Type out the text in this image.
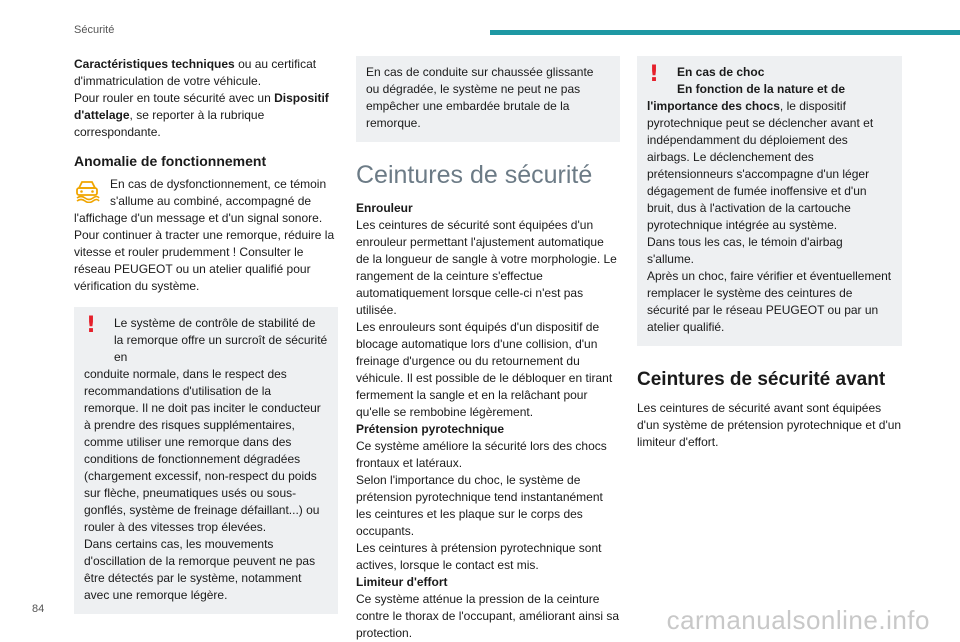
Sécurité

Caractéristiques techniques ou au certificat d'immatriculation de votre véhicule.

Pour rouler en toute sécurité avec un Dispositif d'attelage, se reporter à la rubrique correspondante.

Anomalie de fonctionnement
En cas de dysfonctionnement, ce témoin s'allume au combiné, accompagné de
l'affichage d'un message et d'un signal sonore. Pour continuer à tracter une remorque, réduire la vitesse et rouler prudemment ! Consulter le réseau PEUGEOT ou un atelier qualifié pour vérification du système.
!	Le système de contrôle de stabilité de la remorque offre un surcroît de sécurité en

conduite normale, dans le respect des recommandations d'utilisation de la remorque. Il ne doit pas inciter le conducteur à prendre des risques supplémentaires, comme utiliser une remorque dans des conditions de fonctionnement dégradées (chargement excessif, non-respect du poids sur flèche, pneumatiques usés ou sous-gonflés, système de freinage défaillant...) ou rouler à des vitesses trop élevées.

Dans certains cas, les mouvements d'oscillation de la remorque peuvent ne pas être détectés par le système, notamment avec une remorque légère.

En cas de conduite sur chaussée glissante ou dégradée, le système ne peut ne pas empêcher une embardée brutale de la remorque.

Ceintures de sécurité

Enrouleur

Les ceintures de sécurité sont équipées d'un enrouleur permettant l'ajustement automatique de la longueur de sangle à votre morphologie. Le rangement de la ceinture s'effectue automatiquement lorsque celle-ci n'est pas utilisée.

Les enrouleurs sont équipés d'un dispositif de blocage automatique lors d'une collision, d'un freinage d'urgence ou du retournement du véhicule. Il est possible de le débloquer en tirant fermement la sangle et en la relâchant pour qu'elle se rembobine légèrement.

Prétension pyrotechnique

Ce système améliore la sécurité lors des chocs frontaux et latéraux.

Selon l'importance du choc, le système de prétension pyrotechnique tend instantanément les ceintures et les plaque sur le corps des occupants.

Les ceintures à prétension pyrotechnique sont actives, lorsque le contact est mis.

Limiteur d'effort

Ce système atténue la pression de la ceinture contre le thorax de l'occupant, améliorant ainsi sa protection.

!	En cas de choc
En fonction de la nature et de

l'importance des chocs, le dispositif pyrotechnique peut se déclencher avant et indépendamment du déploiement des airbags. Le déclenchement des prétensionneurs s'accompagne d'un léger dégagement de fumée inoffensive et d'un bruit, dus à l'activation de la cartouche pyrotechnique intégrée au système.

Dans tous les cas, le témoin d'airbag s'allume.

Après un choc, faire vérifier et éventuellement remplacer le système des ceintures de sécurité par le réseau PEUGEOT ou par un atelier qualifié.

Ceintures de sécurité avant

Les ceintures de sécurité avant sont équipées d'un système de prétension pyrotechnique et d'un limiteur d'effort.

84	carmanualsonline.info
